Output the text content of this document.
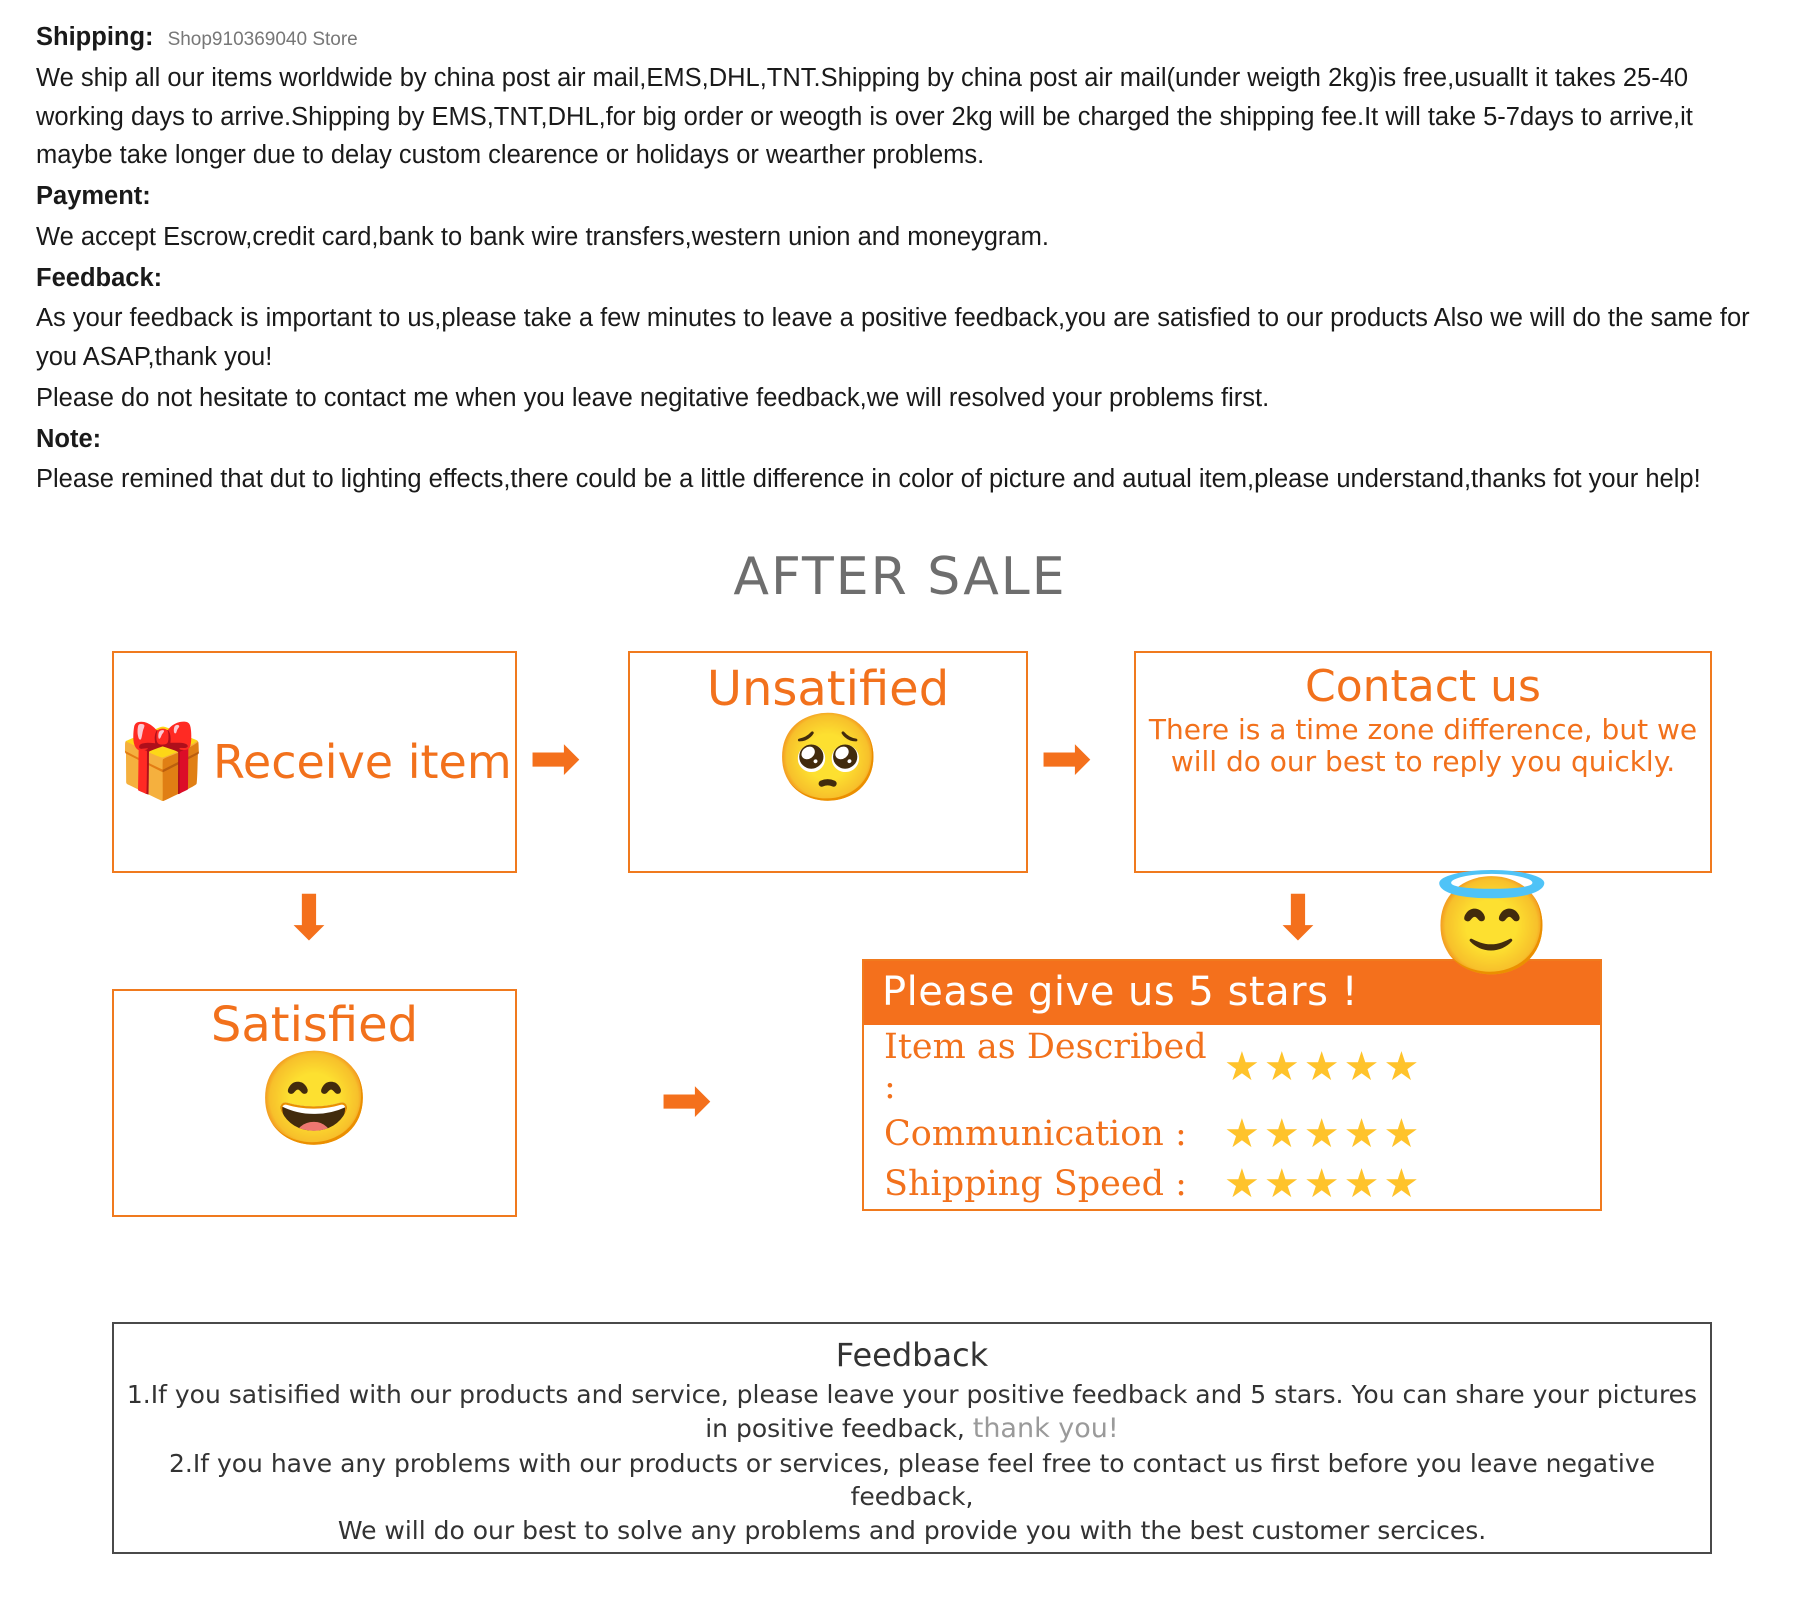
Shipping: Shop910369040 Store

We ship all our items worldwide by china post air mail,EMS,DHL,TNT.Shipping by china post air mail(under weigth 2kg)is free,usuallt it takes 25-40 working days to arrive.Shipping by EMS,TNT,DHL,for big order or weogth is over 2kg will be charged the shipping fee.It will take 5-7days to arrive,it maybe take longer due to delay custom clearence or holidays or wearther problems.

Payment:

We accept Escrow,credit card,bank to bank wire transfers,western union and moneygram.

Feedback:

As your feedback is important to us,please take a few minutes to leave a positive feedback,you are satisfied to our products Also we will do the same for you ASAP,thank you!

Please do not hesitate to contact me when you leave negitative feedback,we will resolved your problems first.

Note:

Please remined that dut to lighting effects,there could be a little difference in color of picture and autual item,please understand,thanks fot your help!

AFTER SALE
🎁 Receive item ➡
Unsatified
🥺	➡
Contact us
There is a time zone difference, but we will do our best to reply you quickly.
⬇	⬇
Satisfied
😄	➡
Please give us 5 stars !
Item as Described :	★★★★★
Communication : ★★★★★
Shipping Speed : ★★★★★
😇
Feedback
1.If you satisified with our products and service, please leave your positive feedback and 5 stars. You can share your pictures
in positive feedback, thank you!
2.If you have any problems with our products or services, please feel free to contact us first before you leave negative feedback,
We will do our best to solve any problems and provide you with the best customer sercices.
